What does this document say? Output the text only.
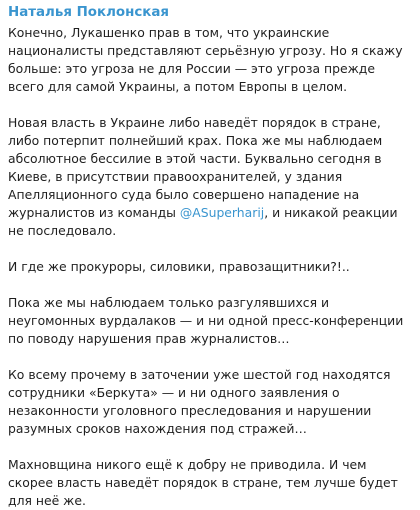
Наталья Поклонская

Конечно, Лукашенко прав в том, что украинские националисты представляют серьёзную угрозу. Но я скажу больше: это угроза не для России — это угроза прежде всего для самой Украины, а потом Европы в целом.

Новая власть в Украине либо наведёт порядок в стране, либо потерпит полнейший крах. Пока же мы наблюдаем абсолютное бессилие в этой части. Буквально сегодня в Киеве, в присутствии правоохранителей, у здания Апелляционного суда было совершено нападение на журналистов из команды @ASuperharij, и никакой реакции не последовало.

И где же прокуроры, силовики, правозащитники?!..

Пока же мы наблюдаем только разгулявшихся и неугомонных вурдалаков — и ни одной пресс-конференции по поводу нарушения прав журналистов…

Ко всему прочему в заточении уже шестой год находятся сотрудники «Беркута» — и ни одного заявления о незаконности уголовного преследования и нарушении разумных сроков нахождения под стражей…

Махновщина никого ещё к добру не приводила. И чем скорее власть наведёт порядок в стране, тем лучше будет для неё же.
